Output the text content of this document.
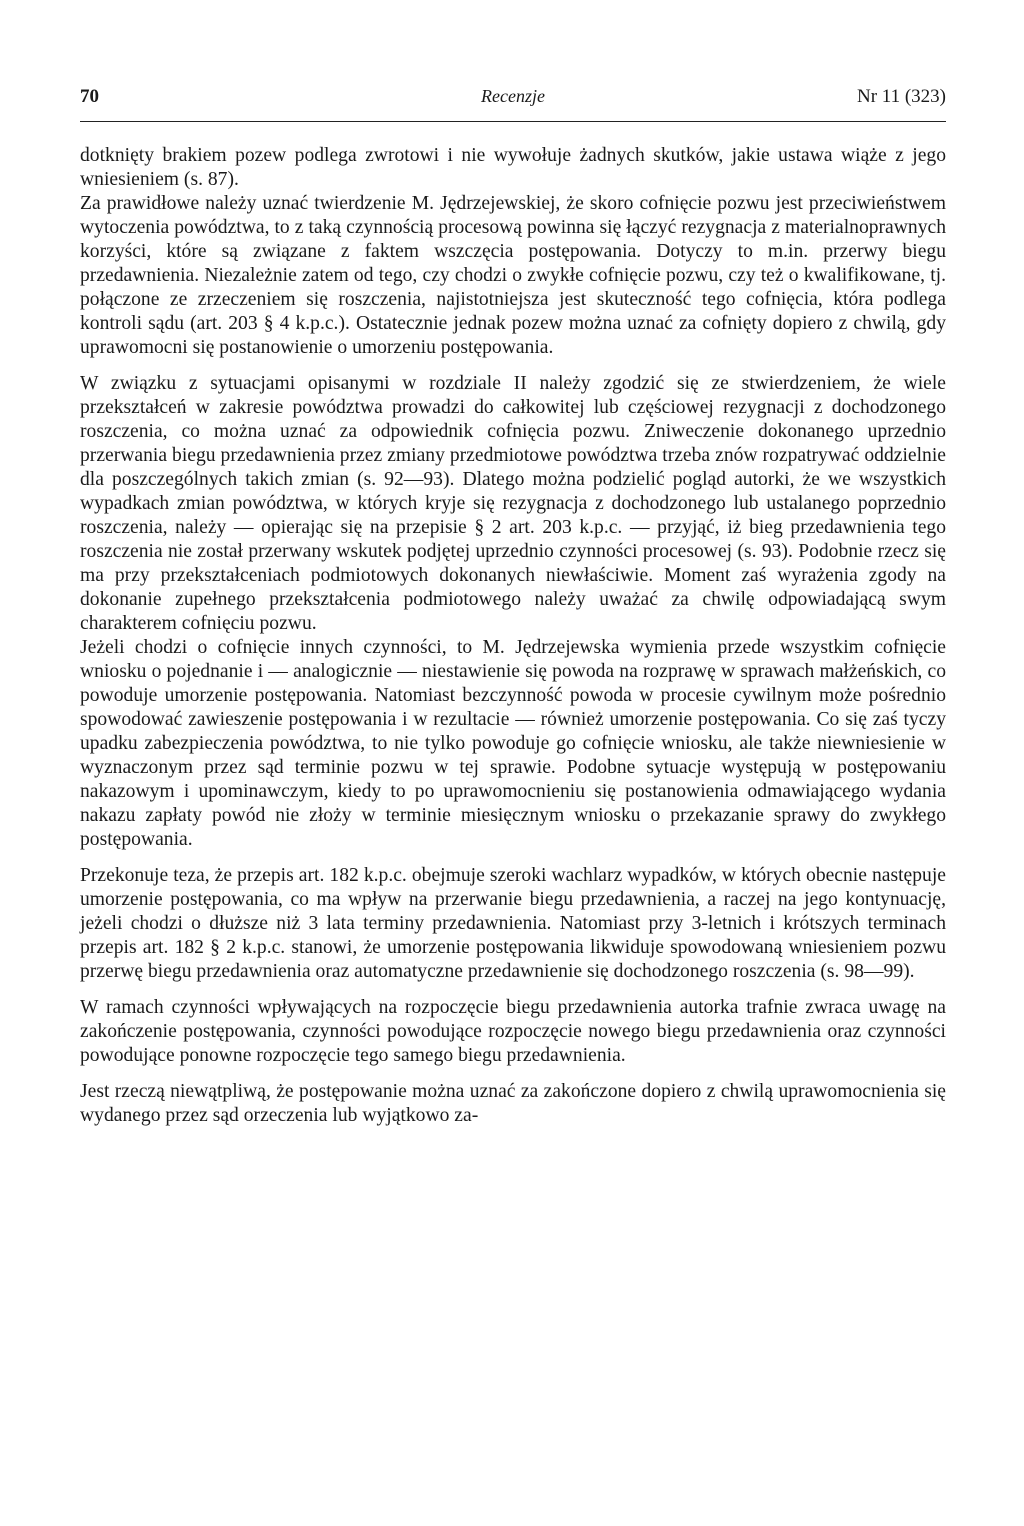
70	Recenzje	Nr 11 (323)

dotknięty brakiem pozew podlega zwrotowi i nie wywołuje żadnych skutków, jakie ustawa wiąże z jego wniesieniem (s. 87).

Za prawidłowe należy uznać twierdzenie M. Jędrzejewskiej, że skoro cofnięcie pozwu jest przeciwieństwem wytoczenia powództwa, to z taką czynnością procesową powinna się łączyć rezygnacja z materialnoprawnych korzyści, które są związane z faktem wszczęcia postępowania. Dotyczy to m.in. przerwy biegu przedawnienia. Niezależnie zatem od tego, czy chodzi o zwykłe cofnięcie pozwu, czy też o kwalifikowane, tj. połączone ze zrzeczeniem się roszczenia, najistotniejsza jest skuteczność tego cofnięcia, która podlega kontroli sądu (art. 203 § 4 k.p.c.). Ostatecznie jednak pozew można uznać za cofnięty dopiero z chwilą, gdy uprawomocni się postanowienie o umorzeniu postępowania.

W związku z sytuacjami opisanymi w rozdziale II należy zgodzić się ze stwierdzeniem, że wiele przekształceń w zakresie powództwa prowadzi do całkowitej lub częściowej rezygnacji z dochodzonego roszczenia, co można uznać za odpowiednik cofnięcia pozwu. Zniweczenie dokonanego uprzednio przerwania biegu przedawnienia przez zmiany przedmiotowe powództwa trzeba znów rozpatrywać oddzielnie dla poszczególnych takich zmian (s. 92—93). Dlatego można podzielić pogląd autorki, że we wszystkich wypadkach zmian powództwa, w których kryje się rezygnacja z dochodzonego lub ustalanego poprzednio roszczenia, należy — opierając się na przepisie § 2 art. 203 k.p.c. — przyjąć, iż bieg przedawnienia tego roszczenia nie został przerwany wskutek podjętej uprzednio czynności procesowej (s. 93). Podobnie rzecz się ma przy przekształceniach podmiotowych dokonanych niewłaściwie. Moment zaś wyrażenia zgody na dokonanie zupełnego przekształcenia podmiotowego należy uważać za chwilę odpowiadającą swym charakterem cofnięciu pozwu.

Jeżeli chodzi o cofnięcie innych czynności, to M. Jędrzejewska wymienia przede wszystkim cofnięcie wniosku o pojednanie i — analogicznie — niestawienie się powoda na rozprawę w sprawach małżeńskich, co powoduje umorzenie postępowania. Natomiast bezczynność powoda w procesie cywilnym może pośrednio spowodować zawieszenie postępowania i w rezultacie — również umorzenie postępowania. Co się zaś tyczy upadku zabezpieczenia powództwa, to nie tylko powoduje go cofnięcie wniosku, ale także niewniesienie w wyznaczonym przez sąd terminie pozwu w tej sprawie. Podobne sytuacje występują w postępowaniu nakazowym i upominawczym, kiedy to po uprawomocnieniu się postanowienia odmawiającego wydania nakazu zapłaty powód nie złoży w terminie miesięcznym wniosku o przekazanie sprawy do zwykłego postępowania.

Przekonuje teza, że przepis art. 182 k.p.c. obejmuje szeroki wachlarz wypadków, w których obecnie następuje umorzenie postępowania, co ma wpływ na przerwanie biegu przedawnienia, a raczej na jego kontynuację, jeżeli chodzi o dłuższe niż 3 lata terminy przedawnienia. Natomiast przy 3-letnich i krótszych terminach przepis art. 182 § 2 k.p.c. stanowi, że umorzenie postępowania likwiduje spowodowaną wniesieniem pozwu przerwę biegu przedawnienia oraz automatyczne przedawnienie się dochodzonego roszczenia (s. 98—99).

W ramach czynności wpływających na rozpoczęcie biegu przedawnienia autorka trafnie zwraca uwagę na zakończenie postępowania, czynności powodujące rozpoczęcie nowego biegu przedawnienia oraz czynności powodujące ponowne rozpoczęcie tego samego biegu przedawnienia.

Jest rzeczą niewątpliwą, że postępowanie można uznać za zakończone dopiero z chwilą uprawomocnienia się wydanego przez sąd orzeczenia lub wyjątkowo za-
